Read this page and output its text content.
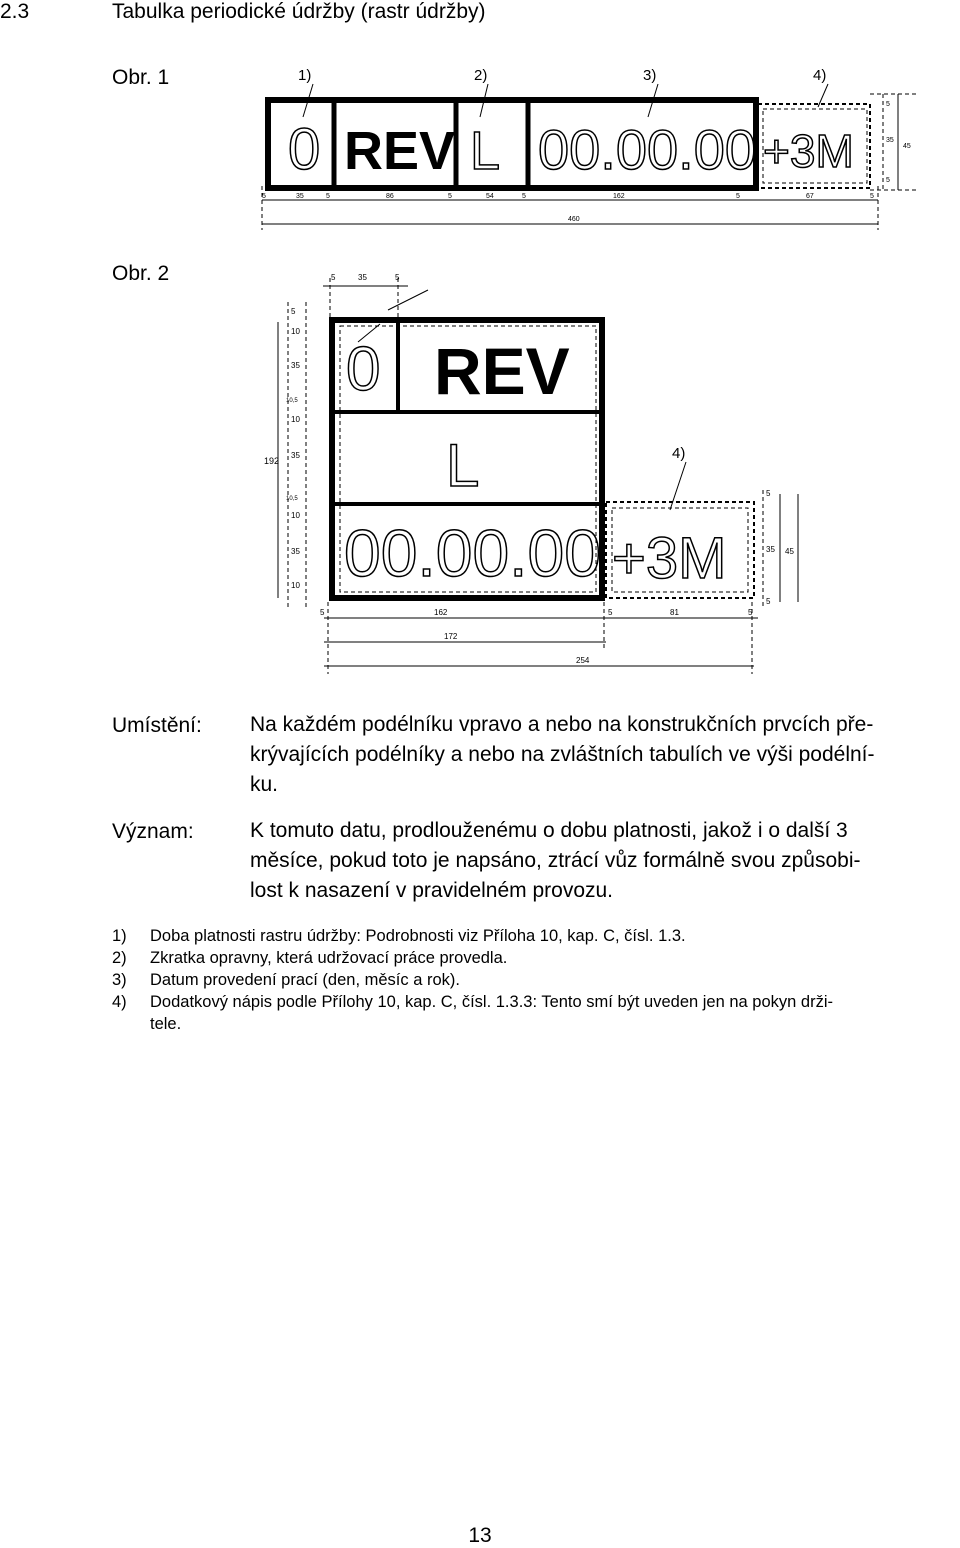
2.3	Tabulka periodické údržby (rastr údržby)
Obr. 1	1)	2)	3)	4)
0 REV L 00.00.00 +3M
5
35
5
45
5	35	5	86	5	54	5	162	5	67	5
460
Obr. 2	5	35	5
0 REV
L
00.00.00
4)
+3M
5
10
35
10,5
10
35
10,5
10
35
10
192
5
35
5
45
5	162	5	81	5
172
254
Umístění: Na každém podélníku vpravo a nebo na konstrukčních prvcích pře-
krývajících podélníky a nebo na zvláštních tabulích ve výši podélní-
ku.
Význam:	K tomuto datu, prodlouženému o dobu platnosti, jakož i o další 3
měsíce, pokud toto je napsáno, ztrácí vůz formálně svou způsobi-
lost k nasazení v pravidelném provozu.
1) Doba platnosti rastru údržby: Podrobnosti viz Příloha 10, kap. C, čísl. 1.3.
2) Zkratka opravny, která udržovací práce provedla.
3) Datum provedení prací (den, měsíc a rok).
4) Dodatkový nápis podle Přílohy 10, kap. C, čísl. 1.3.3: Tento smí být uveden jen na pokyn drži-
tele.
13
